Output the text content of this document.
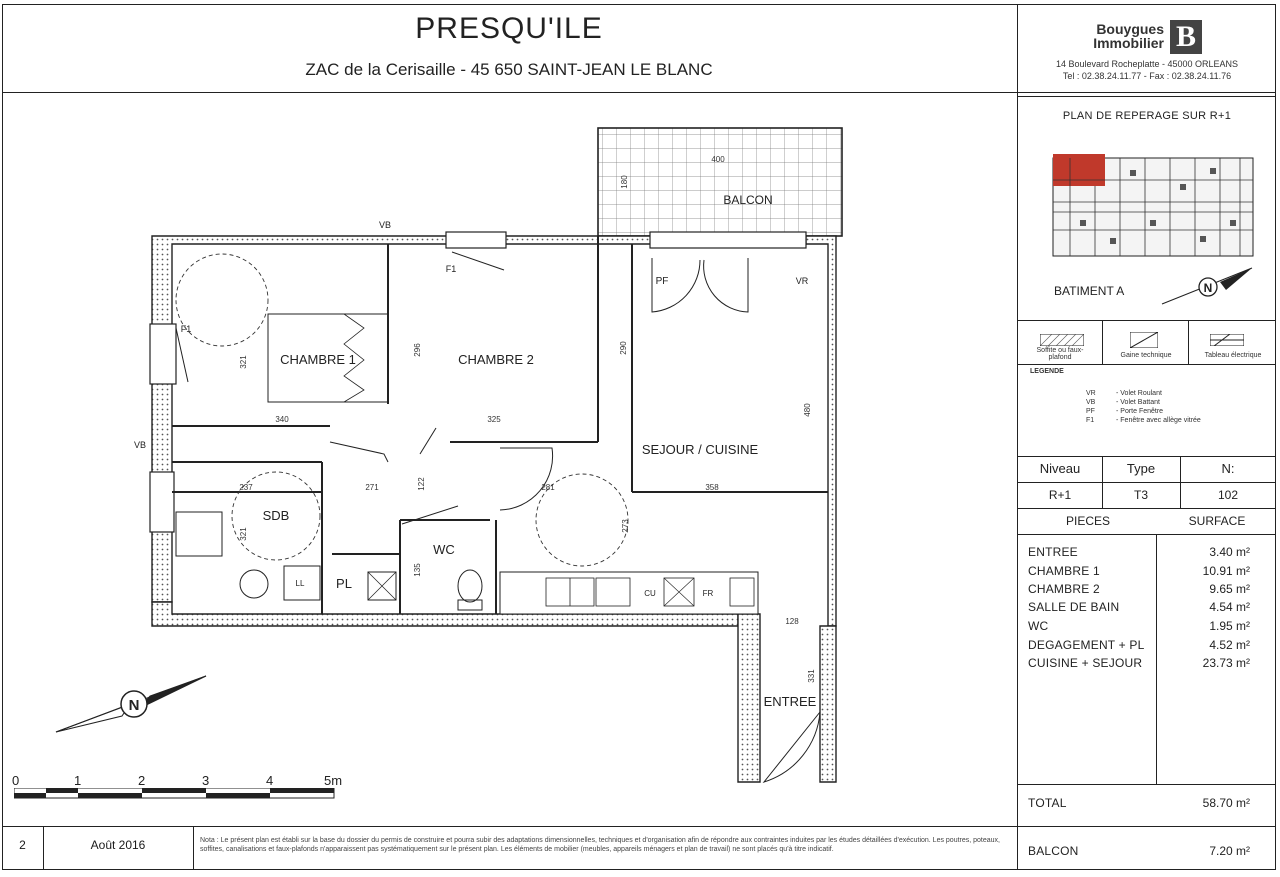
PRESQU'ILE
ZAC de la Cerisaille - 45 650 SAINT-JEAN LE BLANC
Bouygues
Immobilier B
14 Boulevard Rocheplatte - 45000 ORLEANS
Tel : 02.38.24.11.77 - Fax : 02.38.24.11.76
PLAN DE REPERAGE SUR R+1
BATIMENT A	N
Soffite ou faux-plafond	Gaine technique	Tableau électrique
LEGENDE
VR	- Volet Roulant
VB	- Volet Battant
PF	- Porte Fenêtre
F1	- Fenêtre avec allège vitrée
Niveau	Type	N:
R+1	T3	102
PIECES	SURFACE
ENTREE	3.40 m²
CHAMBRE 1	10.91 m²
CHAMBRE 2	9.65 m²
SALLE DE BAIN	4.54 m²
WC	1.95 m²
DEGAGEMENT + PL	4.52 m²
CUISINE + SEJOUR	23.73 m²
TOTAL	58.70 m²
BALCON	7.20 m²
2	Août 2016	Nota : Le présent plan est établi sur la base du dossier du permis de construire et pourra subir des adaptations dimensionnelles, techniques et d'organisation afin de répondre aux contraintes induites par les études détaillées d'exécution. Les poutres, poteaux, soffites, canalisations et faux-plafonds n'apparaissent pas systématiquement sur le présent plan. Les éléments de mobilier (meubles, appareils ménagers et plan de travail) ne sont placés qu'à titre indicatif.
BALCON
400
180
CHAMBRE 1	CHAMBRE 2
SEJOUR / CUISINE
SDB
WC
PL
ENTREE
VB
VB
F1
F1
PF	VR
LL
CU	FR
321
340
296
325
290
480
358
237
321
271	122	281
273
135
128
331
N
0	1	2	3	4	5m
